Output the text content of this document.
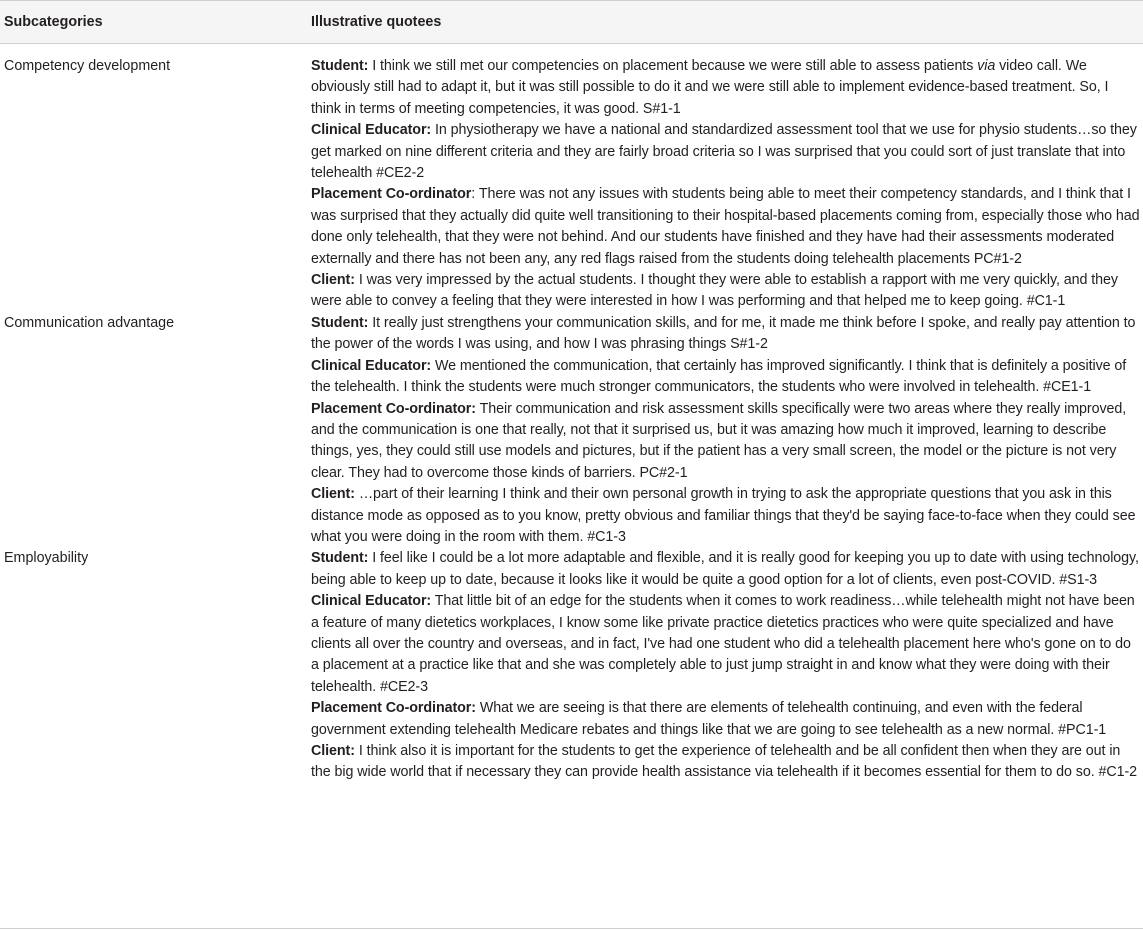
Subcategories	Illustrative quotees
Competency development	Student: I think we still met our competencies on placement because we were still able to assess patients via video call. We obviously still had to adapt it, but it was still possible to do it and we were still able to implement evidence-based treatment. So, I think in terms of meeting competencies, it was good. S#1-1

Clinical Educator: In physiotherapy we have a national and standardized assessment tool that we use for physio students…so they get marked on nine different criteria and they are fairly broad criteria so I was surprised that you could sort of just translate that into telehealth #CE2-2

Placement Co-ordinator: There was not any issues with students being able to meet their competency standards, and I think that I was surprised that they actually did quite well transitioning to their hospital-based placements coming from, especially those who had done only telehealth, that they were not behind. And our students have finished and they have had their assessments moderated externally and there has not been any, any red flags raised from the students doing telehealth placements PC#1-2

Client: I was very impressed by the actual students. I thought they were able to establish a rapport with me very quickly, and they were able to convey a feeling that they were interested in how I was performing and that helped me to keep going. #C1-1

Communication advantage	Student: It really just strengthens your communication skills, and for me, it made me think before I spoke, and really pay attention to the power of the words I was using, and how I was phrasing things S#1-2

Clinical Educator: We mentioned the communication, that certainly has improved significantly. I think that is definitely a positive of the telehealth. I think the students were much stronger communicators, the students who were involved in telehealth. #CE1-1

Placement Co-ordinator: Their communication and risk assessment skills specifically were two areas where they really improved, and the communication is one that really, not that it surprised us, but it was amazing how much it improved, learning to describe things, yes, they could still use models and pictures, but if the patient has a very small screen, the model or the picture is not very clear. They had to overcome those kinds of barriers. PC#2-1

Client: …part of their learning I think and their own personal growth in trying to ask the appropriate questions that you ask in this distance mode as opposed as to you know, pretty obvious and familiar things that they'd be saying face-to-face when they could see what you were doing in the room with them. #C1-3

Employability	Student: I feel like I could be a lot more adaptable and flexible, and it is really good for keeping you up to date with using technology, being able to keep up to date, because it looks like it would be quite a good option for a lot of clients, even post-COVID. #S1-3

Clinical Educator: That little bit of an edge for the students when it comes to work readiness…while telehealth might not have been a feature of many dietetics workplaces, I know some like private practice dietetics practices who were quite specialized and have clients all over the country and overseas, and in fact, I've had one student who did a telehealth placement here who's gone on to do a placement at a practice like that and she was completely able to just jump straight in and know what they were doing with their telehealth. #CE2-3

Placement Co-ordinator: What we are seeing is that there are elements of telehealth continuing, and even with the federal government extending telehealth Medicare rebates and things like that we are going to see telehealth as a new normal. #PC1-1

Client: I think also it is important for the students to get the experience of telehealth and be all confident then when they are out in the big wide world that if necessary they can provide health assistance via telehealth if it becomes essential for them to do so. #C1-2
